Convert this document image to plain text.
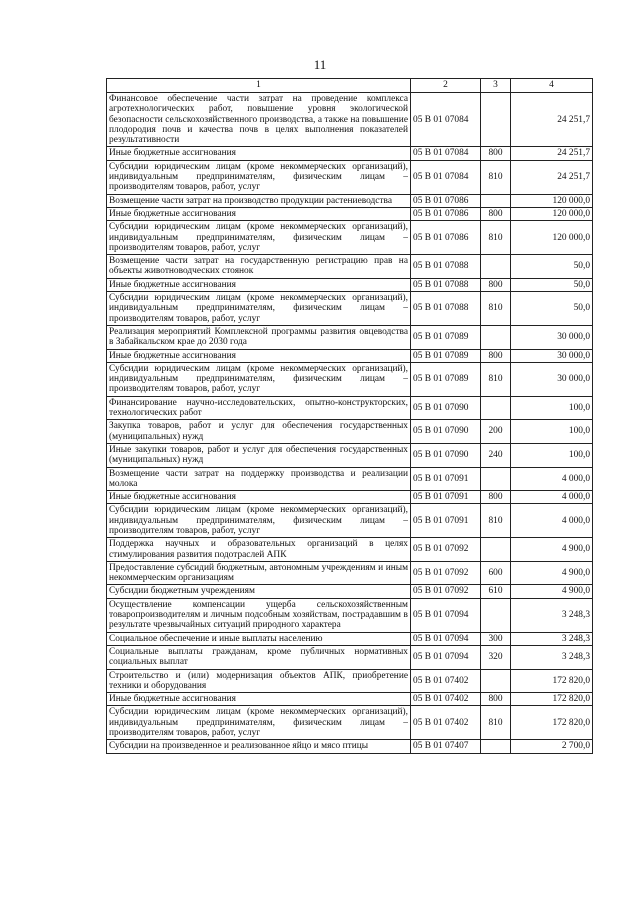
11
1	2	3	4
Финансовое обеспечение части затрат на проведение комплекса агротехнологических работ, повышение уровня экологической безопасности сельскохозяйственного производства, а также на повышение плодородия почв и качества почв в целях выполнения показателей результативности	05 В 01 07084		24 251,7
Иные бюджетные ассигнования	05 В 01 07084	800	24 251,7
Субсидии юридическим лицам (кроме некоммерческих организаций), индивидуальным предпринимателям, физическим лицам – производителям товаров, работ, услуг	05 В 01 07084	810	24 251,7
Возмещение части затрат на производство продукции растениеводства	05 В 01 07086		120 000,0
Иные бюджетные ассигнования	05 В 01 07086	800	120 000,0
Субсидии юридическим лицам (кроме некоммерческих организаций), индивидуальным предпринимателям, физическим лицам – производителям товаров, работ, услуг	05 В 01 07086	810	120 000,0
Возмещение части затрат на государственную регистрацию прав на объекты животноводческих стоянок	05 В 01 07088		50,0
Иные бюджетные ассигнования	05 В 01 07088	800	50,0
Субсидии юридическим лицам (кроме некоммерческих организаций), индивидуальным предпринимателям, физическим лицам – производителям товаров, работ, услуг	05 В 01 07088	810	50,0
Реализация мероприятий Комплексной программы развития овцеводства в Забайкальском крае до 2030 года	05 В 01 07089		30 000,0
Иные бюджетные ассигнования	05 В 01 07089	800	30 000,0
Субсидии юридическим лицам (кроме некоммерческих организаций), индивидуальным предпринимателям, физическим лицам – производителям товаров, работ, услуг	05 В 01 07089	810	30 000,0
Финансирование научно-исследовательских, опытно-конструкторских, технологических работ	05 В 01 07090		100,0
Закупка товаров, работ и услуг для обеспечения государственных (муниципальных) нужд	05 В 01 07090	200	100,0
Иные закупки товаров, работ и услуг для обеспечения государственных (муниципальных) нужд	05 В 01 07090	240	100,0
Возмещение части затрат на поддержку производства и реализации молока	05 В 01 07091		4 000,0
Иные бюджетные ассигнования	05 В 01 07091	800	4 000,0
Субсидии юридическим лицам (кроме некоммерческих организаций), индивидуальным предпринимателям, физическим лицам – производителям товаров, работ, услуг	05 В 01 07091	810	4 000,0
Поддержка научных и образовательных организаций в целях стимулирования развития подотраслей АПК	05 В 01 07092		4 900,0
Предоставление субсидий бюджетным, автономным учреждениям и иным некоммерческим организациям	05 В 01 07092	600	4 900,0
Субсидии бюджетным учреждениям	05 В 01 07092	610	4 900,0
Осуществление компенсации ущерба сельскохозяйственным товаропроизводителям и личным подсобным хозяйствам, пострадавшим в результате чрезвычайных ситуаций природного характера	05 В 01 07094		3 248,3
Социальное обеспечение и иные выплаты населению	05 В 01 07094	300	3 248,3
Социальные выплаты гражданам, кроме публичных нормативных социальных выплат	05 В 01 07094	320	3 248,3
Строительство и (или) модернизация объектов АПК, приобретение техники и оборудования	05 В 01 07402		172 820,0
Иные бюджетные ассигнования	05 В 01 07402	800	172 820,0
Субсидии юридическим лицам (кроме некоммерческих организаций), индивидуальным предпринимателям, физическим лицам – производителям товаров, работ, услуг	05 В 01 07402	810	172 820,0
Субсидии на произведенное и реализованное яйцо и мясо птицы	05 В 01 07407		2 700,0
